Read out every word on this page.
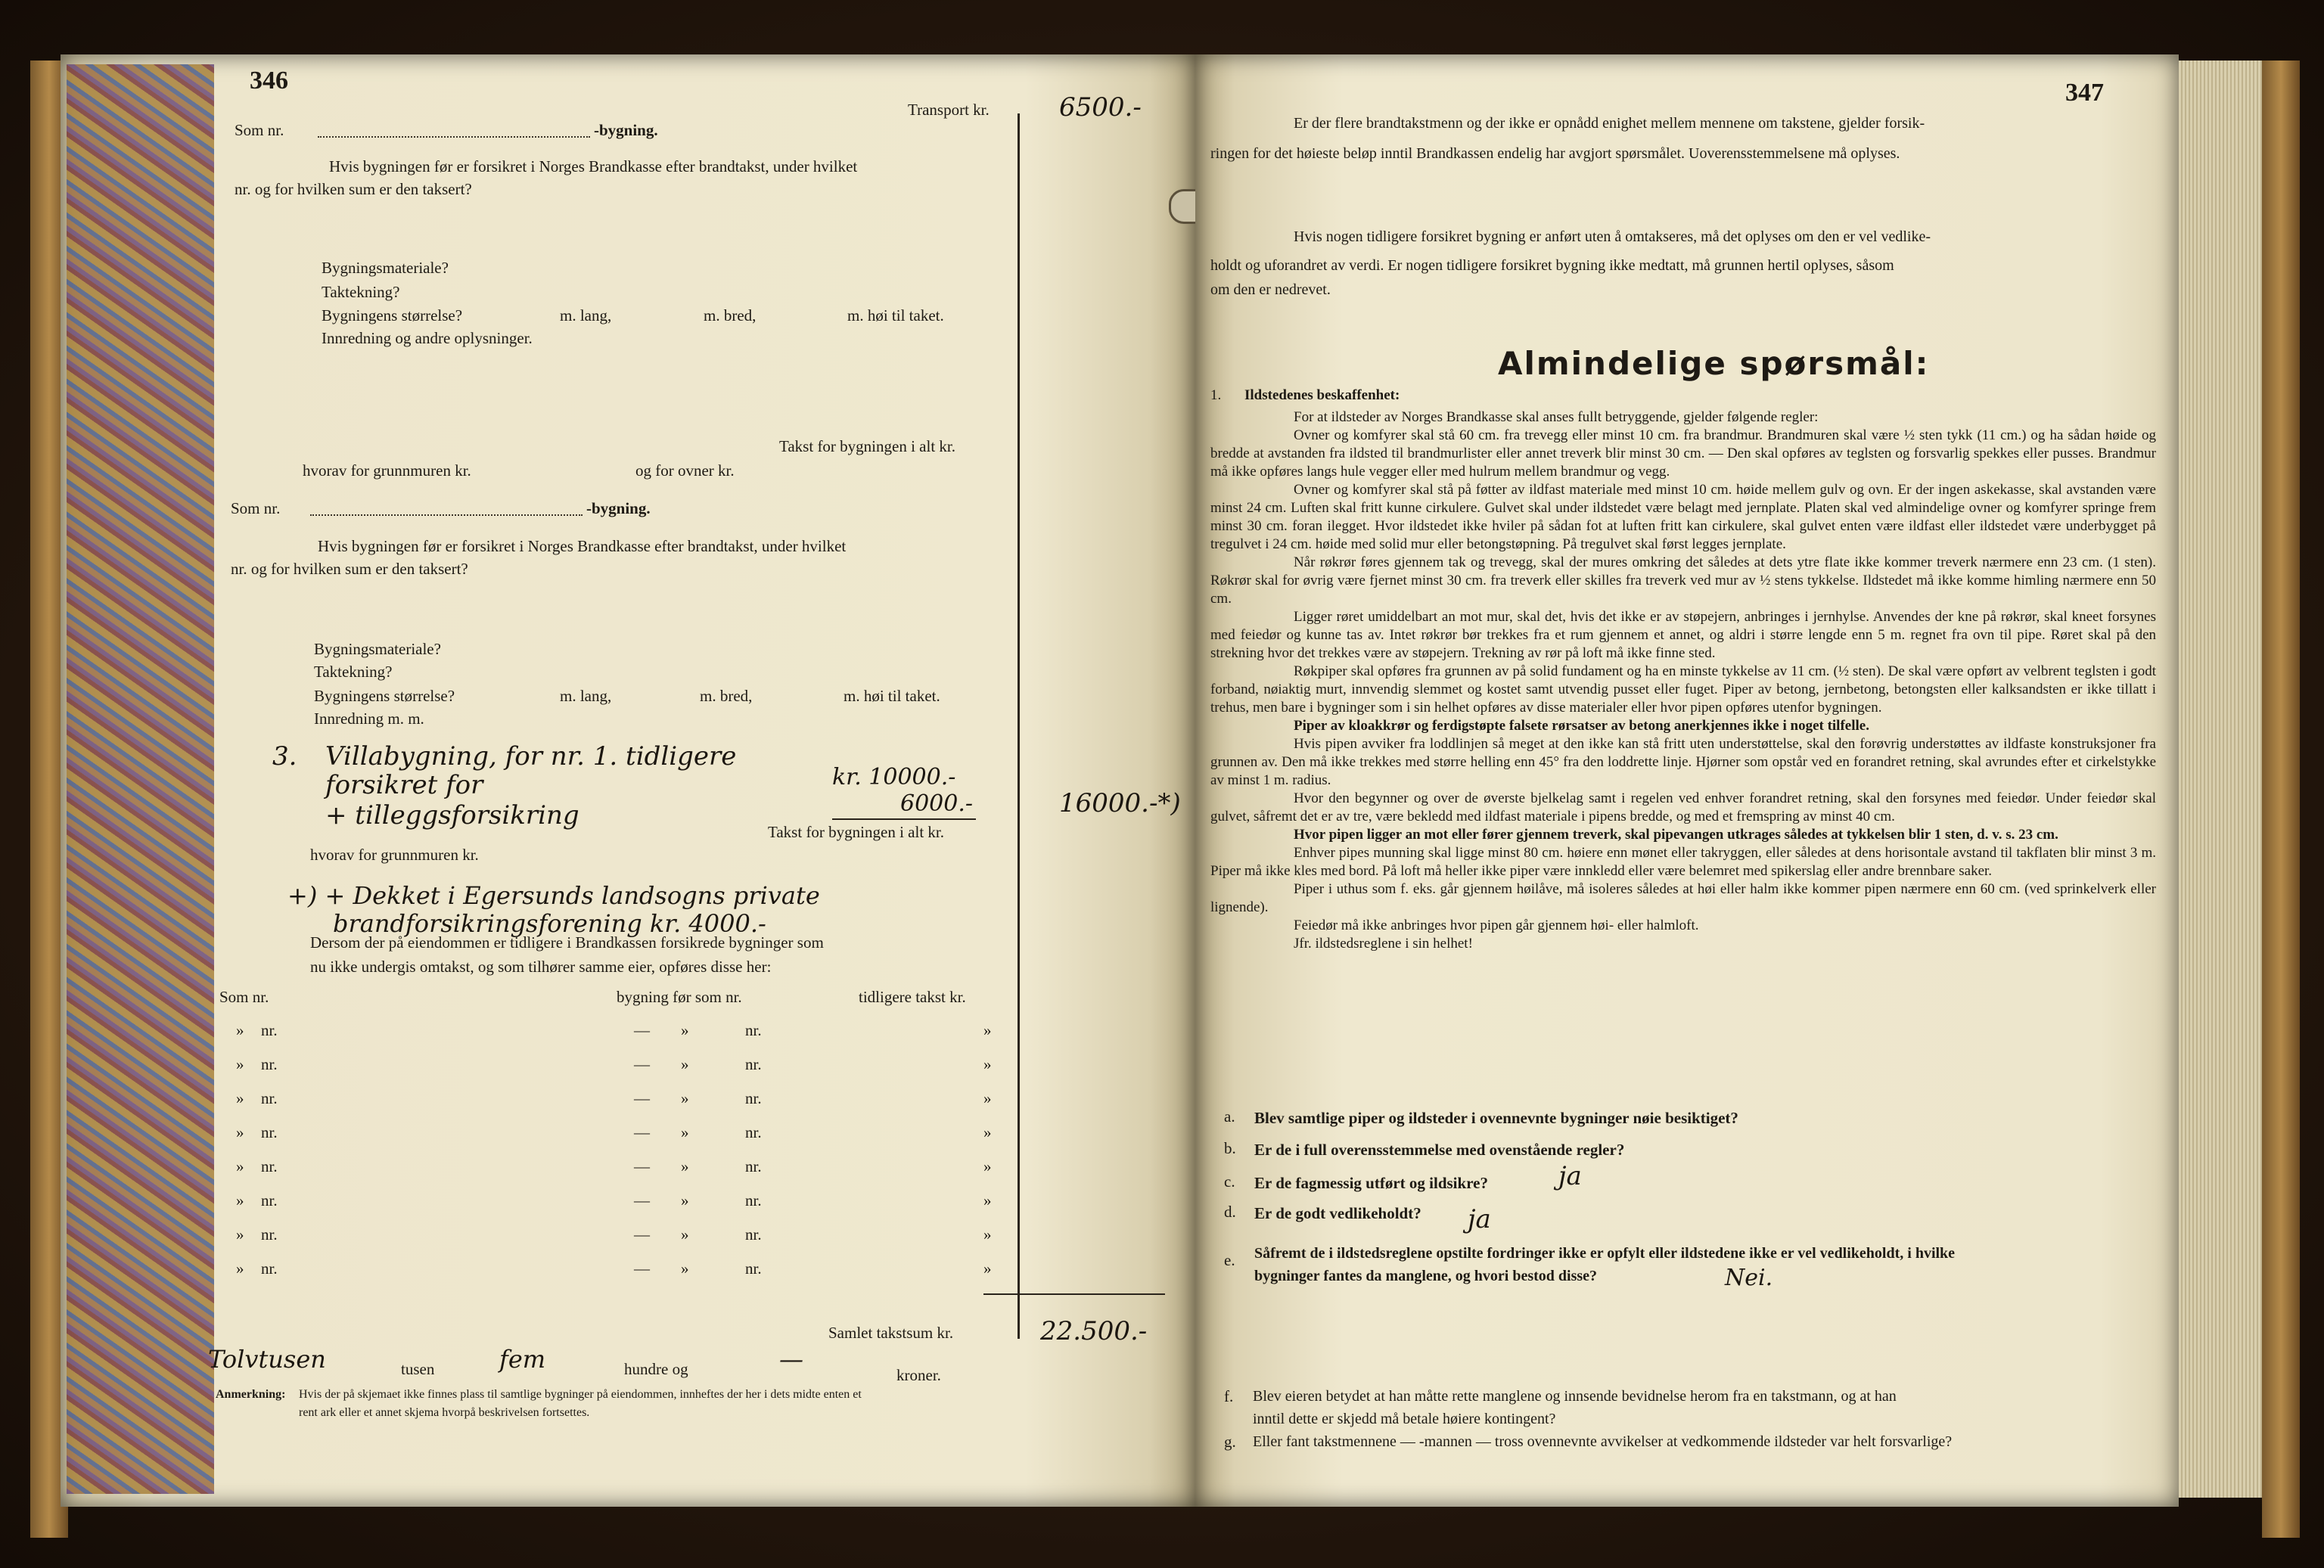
346
Transport kr.	6500.-
Som nr.	-bygning.
Hvis bygningen før er forsikret i Norges Brandkasse efter brandtakst, under hvilket
nr. og for hvilken sum er den taksert?
Bygningsmateriale?
Taktekning?
Bygningens størrelse?	m. lang,	m. bred,	m. høi til taket.
Innredning og andre oplysninger.
Takst for bygningen i alt kr.
hvorav for grunnmuren kr.	og for ovner kr.
Som nr.	-bygning.
Hvis bygningen før er forsikret i Norges Brandkasse efter brandtakst, under hvilket
nr. og for hvilken sum er den taksert?
Bygningsmateriale?
Taktekning?
Bygningens størrelse?	m. lang,	m. bred,	m. høi til taket.
Innredning m. m.
3. Villabygning, for nr. 1. tidligere
forsikret for	kr. 10000.-
+ tilleggsforsikring	6000.-	16000.-*)
Takst for bygningen i alt kr.
hvorav for grunnmuren kr.
+) + Dekket i Egersunds landsogns private
brandforsikringsforening kr. 4000.-
Dersom der på eiendommen er tidligere i Brandkassen forsikrede bygninger som
nu ikke undergis omtakst, og som tilhører samme eier, opføres disse her:
Som nr.	bygning før som nr.	tidligere takst kr.
» nr.	— »	nr.	»
» nr.	— »	nr.	»
» nr.	— »	nr.	»
» nr.	— »	nr.	»
» nr.	— »	nr.	»
» nr.	— »	nr.	»
» nr.	— »	nr.	»
» nr.	— »	nr.	»
Samlet takstsum kr.	22.500.-
Tolvtusen	tusen	fem	hundre og	—
kroner.
Anmerkning: Hvis der på skjemaet ikke finnes plass til samtlige bygninger på eiendommen, innheftes der her i dets midte enten et
rent ark eller et annet skjema hvorpå beskrivelsen fortsettes.
347
Er der flere brandtakstmenn og der ikke er opnådd enighet mellem mennene om takstene, gjelder forsik-
ringen for det høieste beløp inntil Brandkassen endelig har avgjort spørsmålet. Uoverensstemmelsene må oplyses.
Hvis nogen tidligere forsikret bygning er anført uten å omtakseres, må det oplyses om den er vel vedlike-
holdt og uforandret av verdi. Er nogen tidligere forsikret bygning ikke medtatt, må grunnen hertil oplyses, såsom
om den er nedrevet.
Almindelige spørsmål:
1. Ildstedenes beskaffenhet:

For at ildsteder av Norges Brandkasse skal anses fullt betryggende, gjelder følgende regler:

Ovner og komfyrer skal stå 60 cm. fra trevegg eller minst 10 cm. fra brandmur. Brandmuren skal være ½ sten tykk (11 cm.) og ha sådan høide og bredde at avstanden fra ildsted til brandmurlister eller annet treverk blir minst 30 cm. — Den skal opføres av teglsten og forsvarlig spekkes eller pusses. Brandmur må ikke opføres langs hule vegger eller med hulrum mellem brandmur og vegg.

Ovner og komfyrer skal stå på føtter av ildfast materiale med minst 10 cm. høide mellem gulv og ovn. Er der ingen askekasse, skal avstanden være minst 24 cm. Luften skal fritt kunne cirkulere. Gulvet skal under ildstedet være belagt med jernplate. Platen skal ved almindelige ovner og komfyrer springe frem minst 30 cm. foran ilegget. Hvor ildstedet ikke hviler på sådan fot at luften fritt kan cirkulere, skal gulvet enten være ildfast eller ildstedet være underbygget på tregulvet i 24 cm. høide med solid mur eller betongstøpning. På tregulvet skal først legges jernplate.

Når røkrør føres gjennem tak og trevegg, skal der mures omkring det således at dets ytre flate ikke kommer treverk nærmere enn 23 cm. (1 sten). Røkrør skal for øvrig være fjernet minst 30 cm. fra treverk eller skilles fra treverk ved mur av ½ stens tykkelse. Ildstedet må ikke komme himling nærmere enn 50 cm.

Ligger røret umiddelbart an mot mur, skal det, hvis det ikke er av støpejern, anbringes i jernhylse. Anvendes der kne på røkrør, skal kneet forsynes med feiedør og kunne tas av. Intet røkrør bør trekkes fra et rum gjennem et annet, og aldri i større lengde enn 5 m. regnet fra ovn til pipe. Røret skal på den strekning hvor det trekkes være av støpejern. Trekning av rør på loft må ikke finne sted.

Røkpiper skal opføres fra grunnen av på solid fundament og ha en minste tykkelse av 11 cm. (½ sten). De skal være opført av velbrent teglsten i godt forband, nøiaktig murt, innvendig slemmet og kostet samt utvendig pusset eller fuget. Piper av betong, jernbetong, betongsten eller kalksandsten er ikke tillatt i trehus, men bare i bygninger som i sin helhet opføres av disse materialer eller hvor pipen opføres utenfor bygningen.

Piper av kloakkrør og ferdigstøpte falsete rørsatser av betong anerkjennes ikke i noget tilfelle.

Hvis pipen avviker fra loddlinjen så meget at den ikke kan stå fritt uten understøttelse, skal den forøvrig understøttes av ildfaste konstruksjoner fra grunnen av. Den må ikke trekkes med større helling enn 45° fra den loddrette linje. Hjørner som opstår ved en forandret retning, skal avrundes efter et cirkelstykke av minst 1 m. radius.

Hvor den begynner og over de øverste bjelkelag samt i regelen ved enhver forandret retning, skal den forsynes med feiedør. Under feiedør skal gulvet, såfremt det er av tre, være bekledd med ildfast materiale i pipens bredde, og med et fremspring av minst 40 cm.

Hvor pipen ligger an mot eller fører gjennem treverk, skal pipevangen utkrages således at tykkelsen blir 1 sten, d. v. s. 23 cm.

Enhver pipes munning skal ligge minst 80 cm. høiere enn mønet eller takryggen, eller således at dens horisontale avstand til takflaten blir minst 3 m. Piper må ikke kles med bord. På loft må heller ikke piper være innkledd eller være belemret med spikerslag eller andre brennbare saker.

Piper i uthus som f. eks. går gjennem høilåve, må isoleres således at høi eller halm ikke kommer pipen nærmere enn 60 cm. (ved sprinkelverk eller lignende).

Feiedør må ikke anbringes hvor pipen går gjennem høi- eller halmloft.

Jfr. ildstedsreglene i sin helhet!

a. Blev samtlige piper og ildsteder i ovennevnte bygninger nøie besiktiget?
b. Er de i full overensstemmelse med ovenstående regler?
c. Er de fagmessig utført og ildsikre?	ja
d. Er de godt vedlikeholdt? ja
e. Såfremt de i ildstedsreglene opstilte fordringer ikke er opfylt eller ildstedene ikke er vel vedlikeholdt, i hvilke
bygninger fantes da manglene, og hvori bestod disse?	Nei.
f. Blev eieren betydet at han måtte rette manglene og innsende bevidnelse herom fra en takstmann, og at han
inntil dette er skjedd må betale høiere kontingent?
g. Eller fant takstmennene — -mannen — tross ovennevnte avvikelser at vedkommende ildsteder var helt forsvarlige?
